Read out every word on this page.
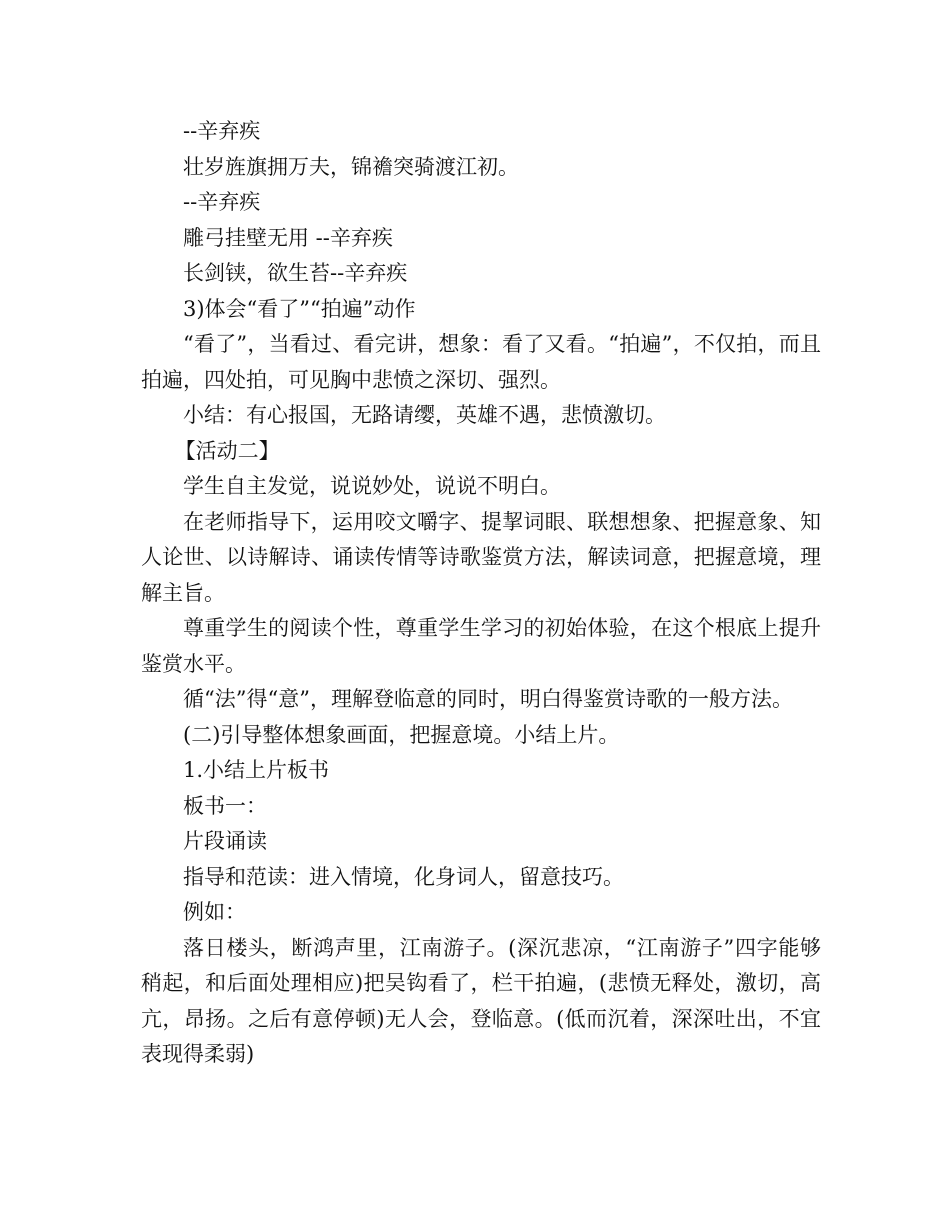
--辛弃疾

壮岁旌旗拥万夫，锦襜突骑渡江初。

--辛弃疾

雕弓挂壁无用 --辛弃疾

长剑铗，欲生苔--辛弃疾

3)体会“看了”“拍遍”动作

“看了”，当看过、看完讲，想象：看了又看。“拍遍”，不仅拍，而且拍遍，四处拍，可见胸中悲愤之深切、强烈。

小结：有心报国，无路请缨，英雄不遇，悲愤激切。

【活动二】

学生自主发觉，说说妙处，说说不明白。

在老师指导下，运用咬文嚼字、提挈词眼、联想想象、把握意象、知人论世、以诗解诗、诵读传情等诗歌鉴赏方法，解读词意，把握意境，理解主旨。

尊重学生的阅读个性，尊重学生学习的初始体验，在这个根底上提升鉴赏水平。

循“法”得“意”，理解登临意的同时，明白得鉴赏诗歌的一般方法。

(二)引导整体想象画面，把握意境。小结上片。

1.小结上片板书

板书一：

片段诵读

指导和范读：进入情境，化身词人，留意技巧。

例如：

落日楼头，断鸿声里，江南游子。(深沉悲凉，“江南游子”四字能够稍起，和后面处理相应)把吴钩看了，栏干拍遍，(悲愤无释处，激切，高亢，昂扬。之后有意停顿)无人会，登临意。(低而沉着，深深吐出，不宜表现得柔弱)
